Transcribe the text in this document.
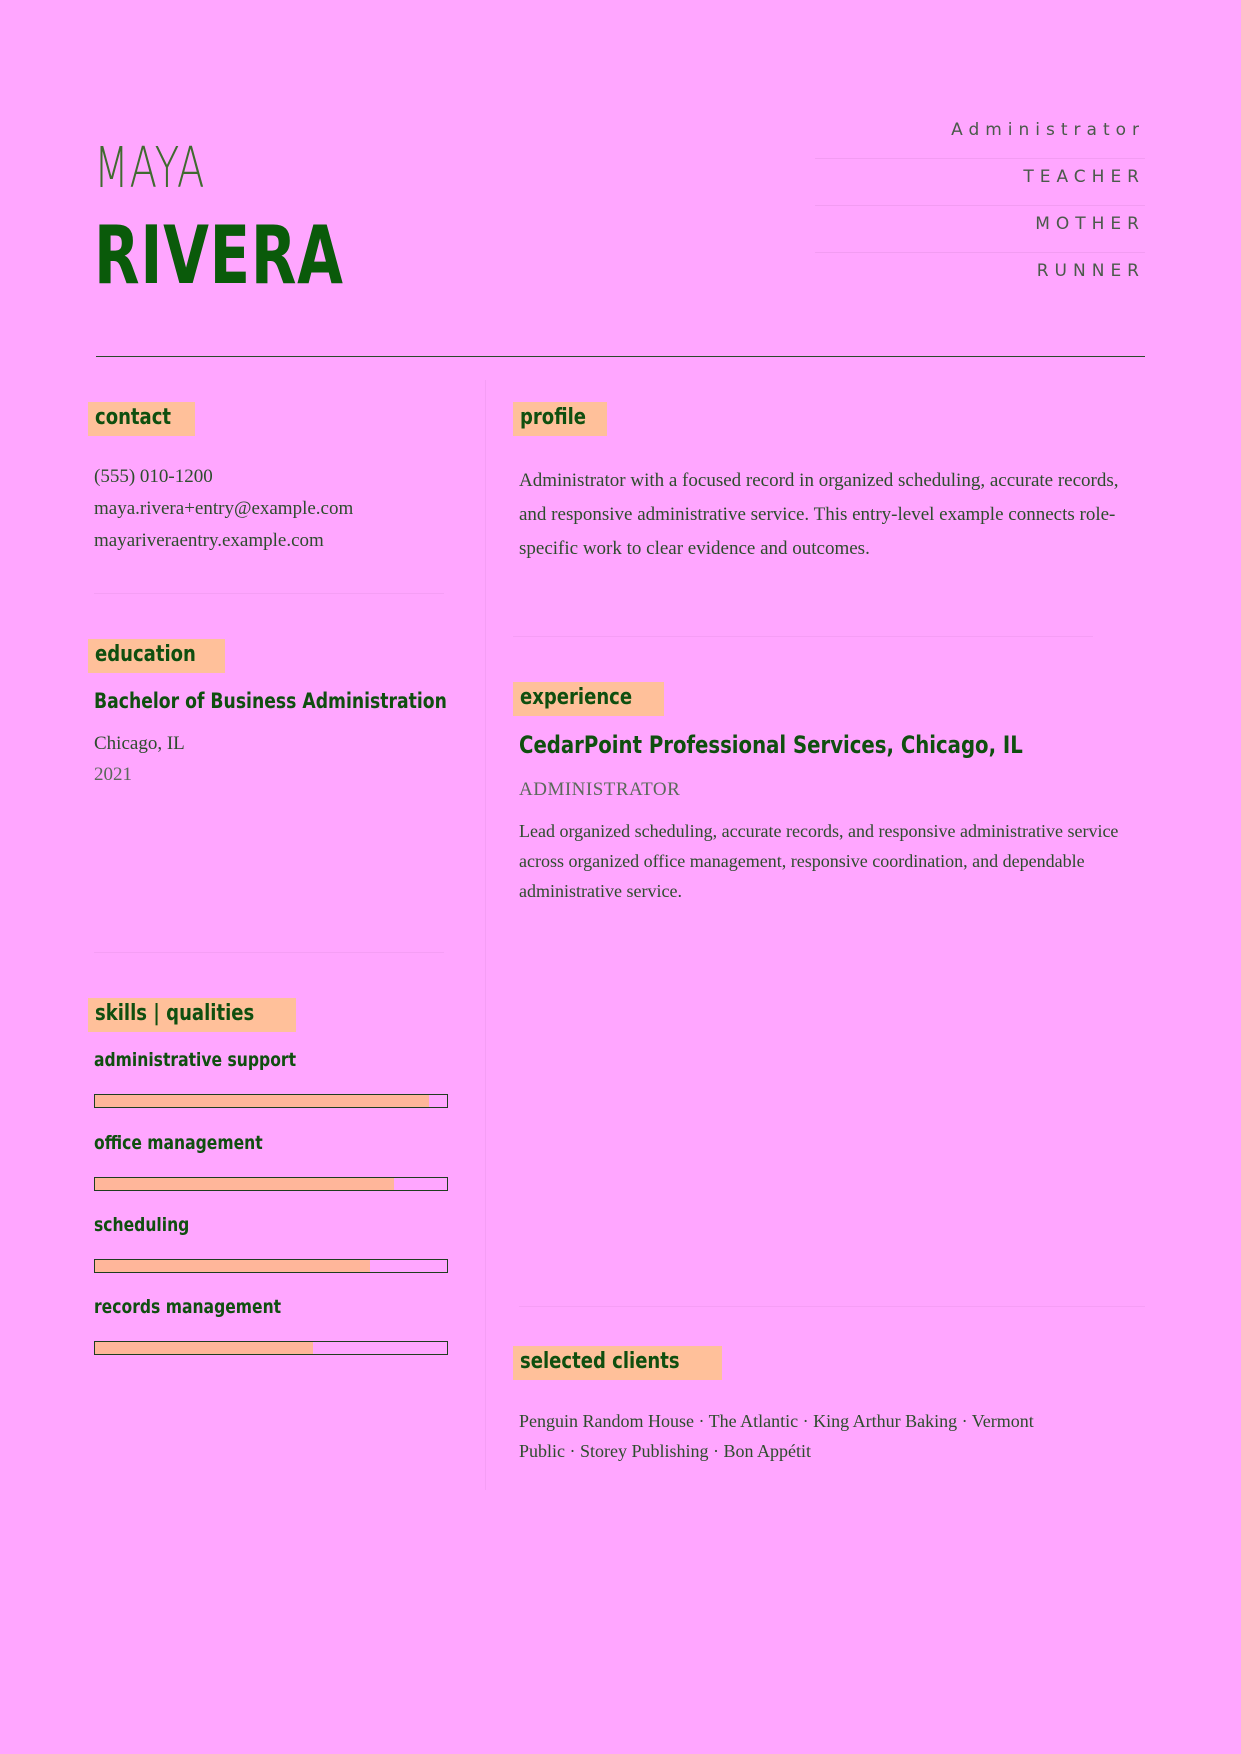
MAYA
RIVERA
Administrator
TEACHER
MOTHER
RUNNER
contact
(555) 010-1200
maya.rivera+entry@example.com
mayariveraentry.example.com
education
Bachelor of Business Administration
Chicago, IL
2021
skills | qualities
administrative support
office management
scheduling
records management
profile
Administrator with a focused record in organized scheduling, accurate records, and responsive administrative service. This entry-level example connects role-specific work to clear evidence and outcomes.
experience
CedarPoint Professional Services, Chicago, IL
ADMINISTRATOR
Lead organized scheduling, accurate records, and responsive administrative service across organized office management, responsive coordination, and dependable administrative service.
selected clients
Penguin Random House · The Atlantic · King Arthur Baking · Vermont Public · Storey Publishing · Bon Appétit
